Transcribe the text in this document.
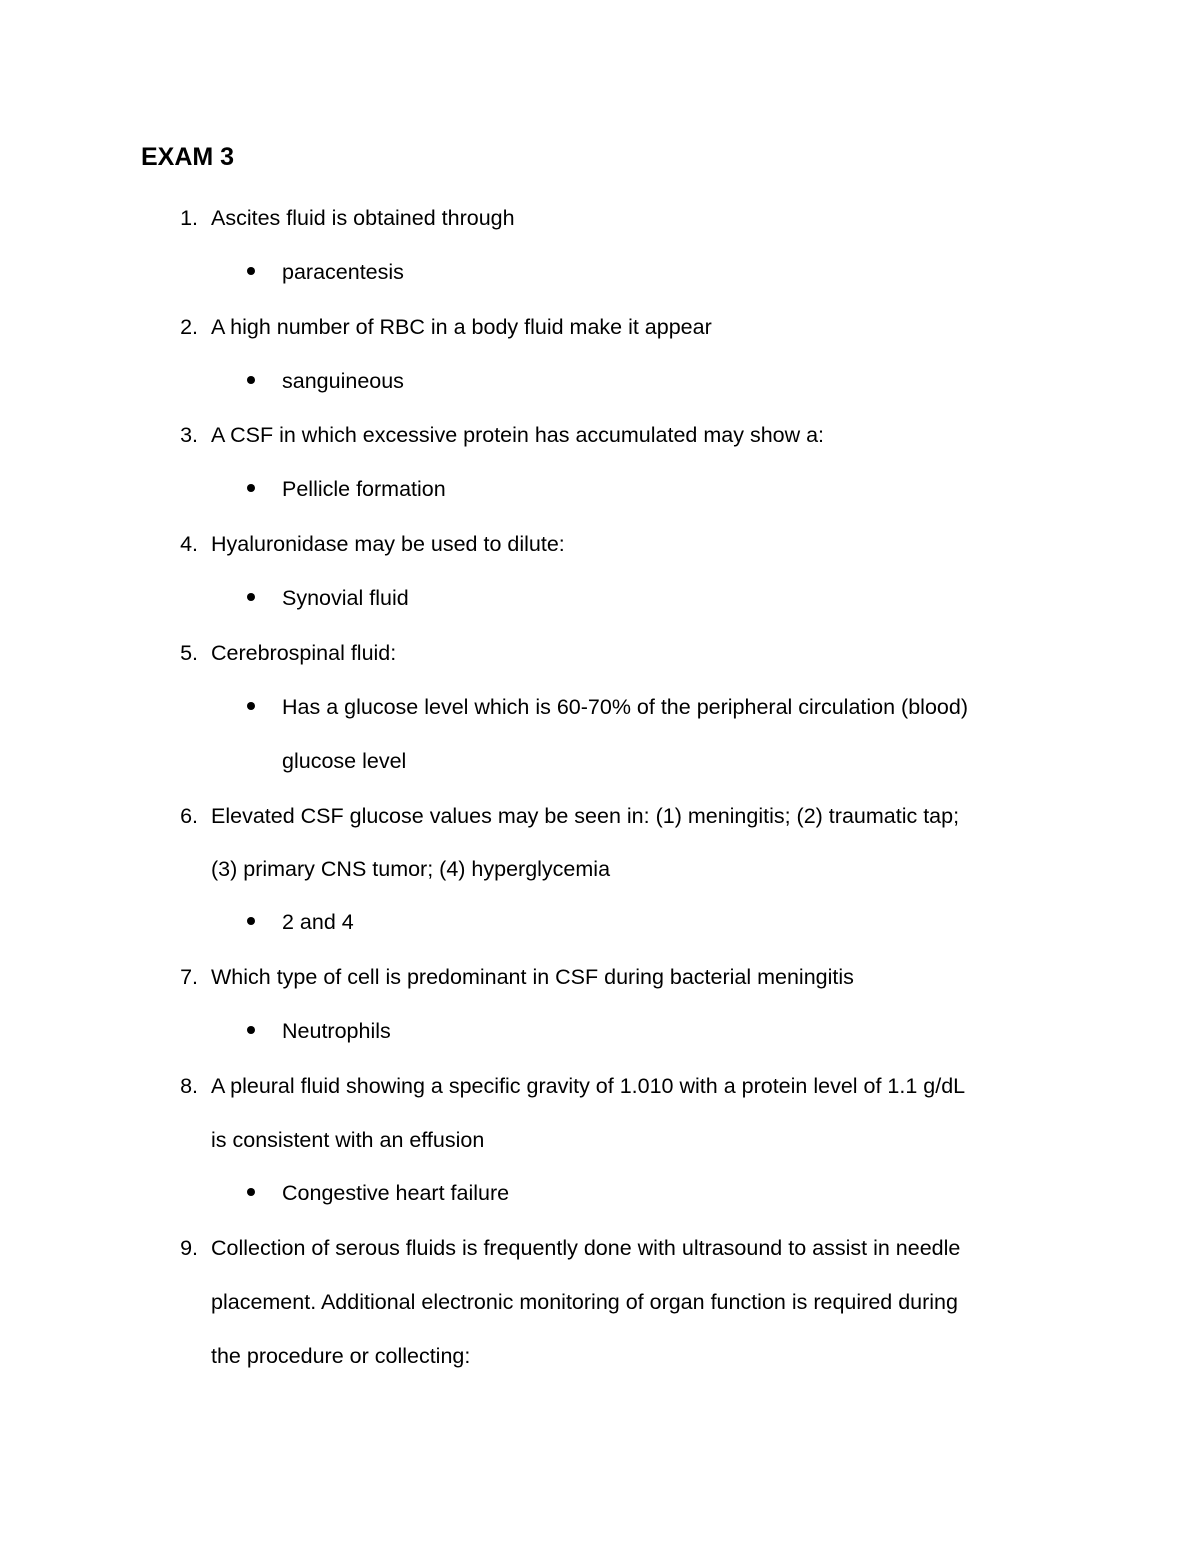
EXAM 3
1. Ascites fluid is obtained through
paracentesis
2. A high number of RBC in a body fluid make it appear
sanguineous
3. A CSF in which excessive protein has accumulated may show a:
Pellicle formation
4. Hyaluronidase may be used to dilute:
Synovial fluid
5. Cerebrospinal fluid:
Has a glucose level which is 60-70% of the peripheral circulation (blood)
glucose level
6. Elevated CSF glucose values may be seen in: (1) meningitis; (2) traumatic tap;
(3) primary CNS tumor; (4) hyperglycemia
2 and 4
7. Which type of cell is predominant in CSF during bacterial meningitis
Neutrophils
8. A pleural fluid showing a specific gravity of 1.010 with a protein level of 1.1 g/dL
is consistent with an effusion
Congestive heart failure
9. Collection of serous fluids is frequently done with ultrasound to assist in needle
placement. Additional electronic monitoring of organ function is required during
the procedure or collecting:
